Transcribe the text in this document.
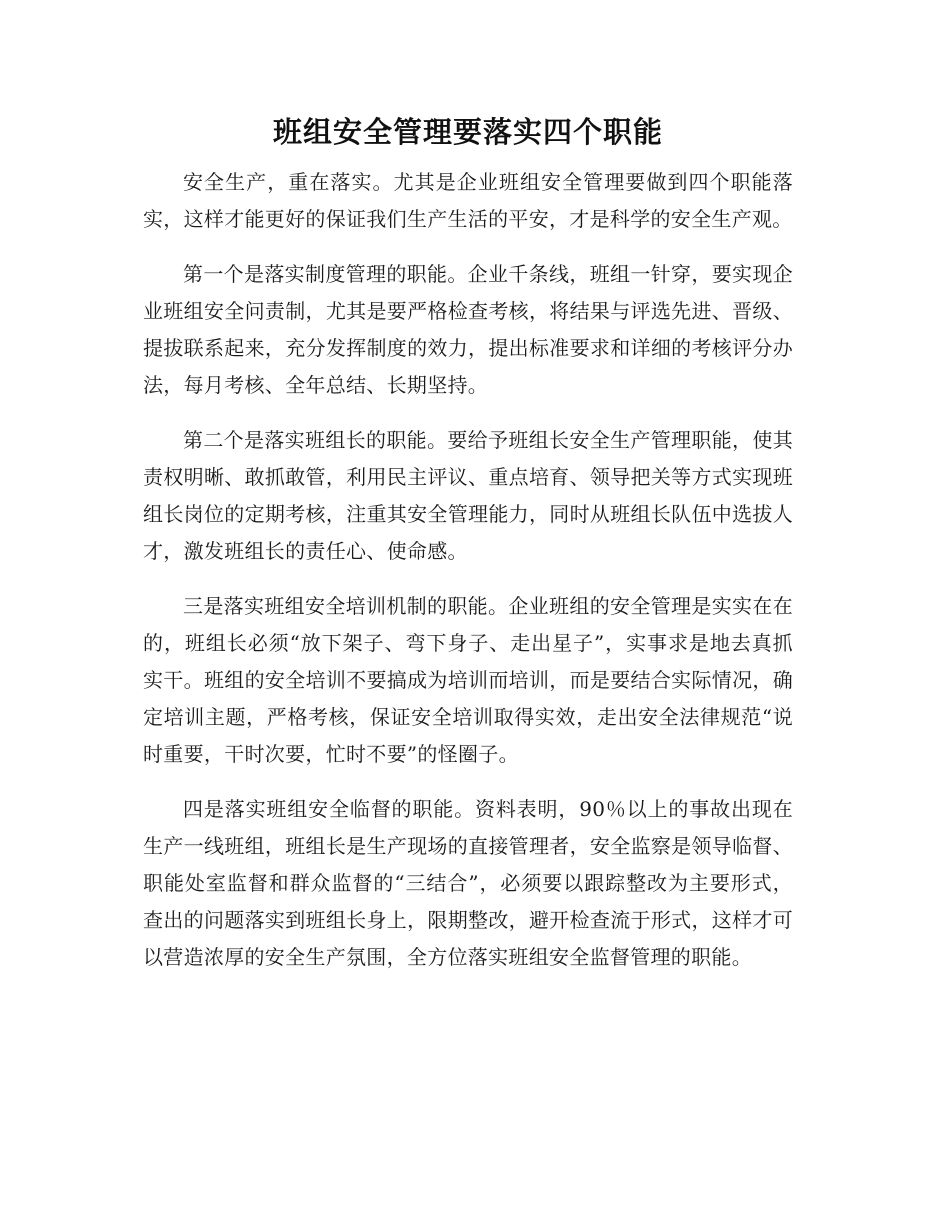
班组安全管理要落实四个职能

安全生产，重在落实。尤其是企业班组安全管理要做到四个职能落实，这样才能更好的保证我们生产生活的平安，才是科学的安全生产观。

第一个是落实制度管理的职能。企业千条线，班组一针穿，要实现企业班组安全问责制，尤其是要严格检查考核，将结果与评选先进、晋级、提拔联系起来，充分发挥制度的效力，提出标准要求和详细的考核评分办法，每月考核、全年总结、长期坚持。

第二个是落实班组长的职能。要给予班组长安全生产管理职能，使其责权明晰、敢抓敢管，利用民主评议、重点培育、领导把关等方式实现班组长岗位的定期考核，注重其安全管理能力，同时从班组长队伍中选拔人才，激发班组长的责任心、使命感。

三是落实班组安全培训机制的职能。企业班组的安全管理是实实在在的，班组长必须“放下架子、弯下身子、走出星子”，实事求是地去真抓实干。班组的安全培训不要搞成为培训而培训，而是要结合实际情况，确定培训主题，严格考核，保证安全培训取得实效，走出安全法律规范“说时重要，干时次要，忙时不要”的怪圈子。

四是落实班组安全临督的职能。资料表明，90％以上的事故出现在生产一线班组，班组长是生产现场的直接管理者，安全监察是领导临督、职能处室监督和群众监督的“三结合”，必须要以跟踪整改为主要形式，查出的问题落实到班组长身上，限期整改，避开检查流于形式，这样才可以营造浓厚的安全生产氛围，全方位落实班组安全监督管理的职能。
